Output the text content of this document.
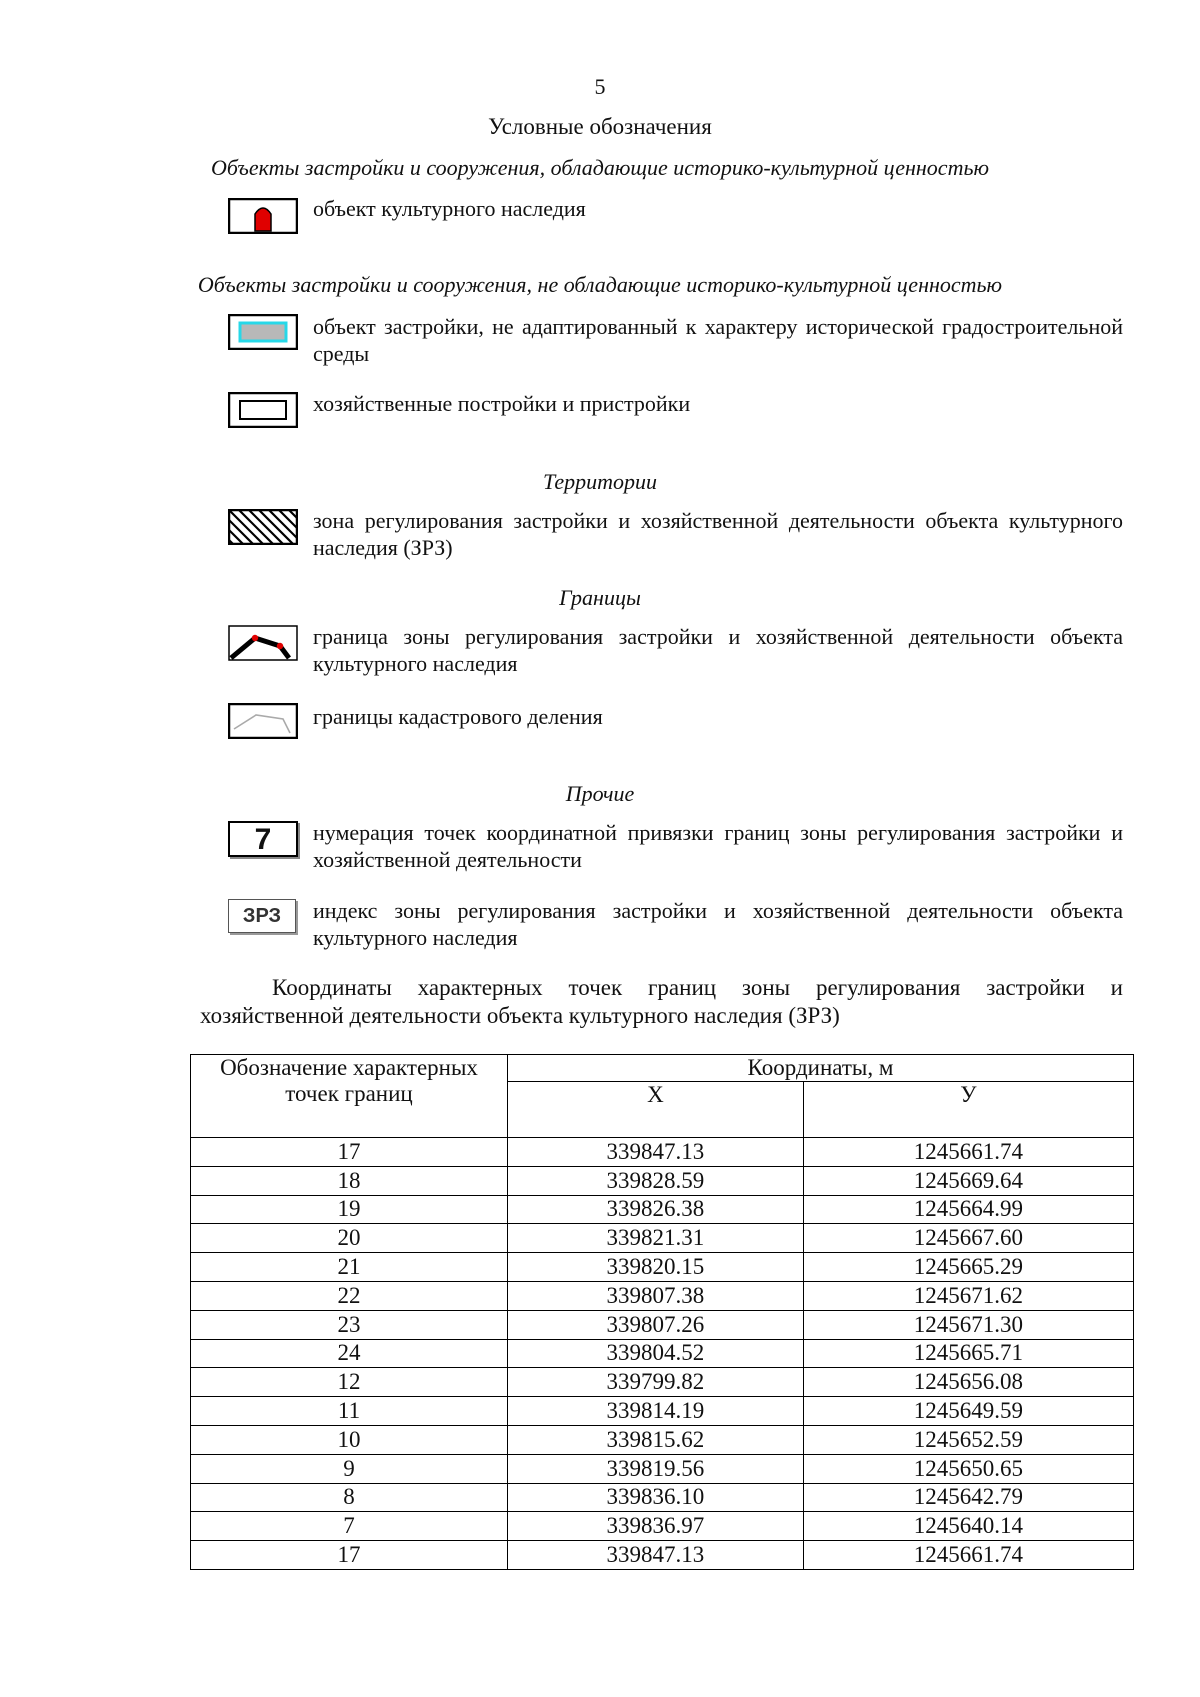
5
Условные обозначения
Объекты застройки и сооружения, обладающие историко-культурной ценностью
объект культурного наследия
Объекты застройки и сооружения, не обладающие историко-культурной ценностью
объект застройки, не адаптированный к характеру исторической градостроительной среды
хозяйственные постройки и пристройки
Территории
зона регулирования застройки и хозяйственной деятельности объекта культурного наследия (ЗРЗ)
Границы
граница зоны регулирования застройки и хозяйственной деятельности объекта культурного наследия
границы кадастрового деления
Прочие
7	нумерация точек координатной привязки границ зоны регулирования застройки и хозяйственной деятельности
ЗРЗ	индекс зоны регулирования застройки и хозяйственной деятельности объекта культурного наследия
Координаты характерных точек границ зоны регулирования застройки и хозяйственной деятельности объекта культурного наследия (ЗРЗ)
Обозначение характерных точек границ	Координаты, м	
	Х	У
17	339847.13	1245661.74
18	339828.59	1245669.64
19	339826.38	1245664.99
20	339821.31	1245667.60
21	339820.15	1245665.29
22	339807.38	1245671.62
23	339807.26	1245671.30
24	339804.52	1245665.71
12	339799.82	1245656.08
11	339814.19	1245649.59
10	339815.62	1245652.59
9	339819.56	1245650.65
8	339836.10	1245642.79
7	339836.97	1245640.14
17	339847.13	1245661.74
